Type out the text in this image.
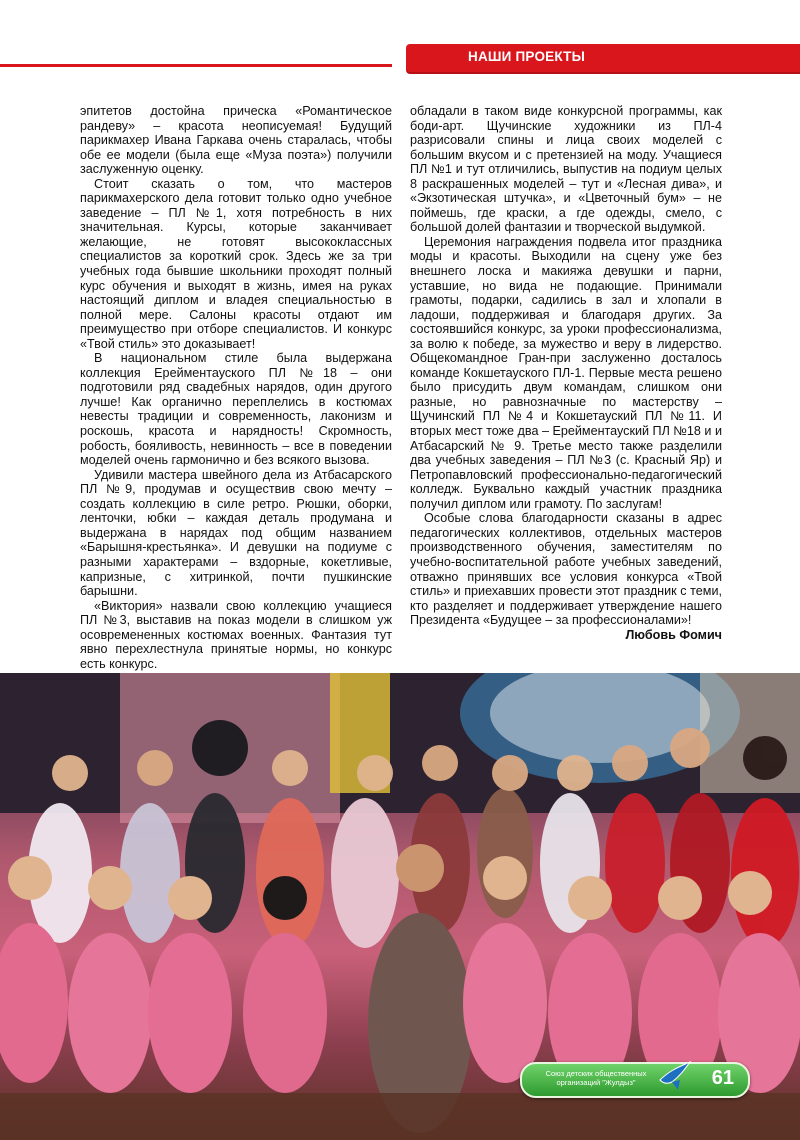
НАШИ ПРОЕКТЫ

эпитетов достойна прическа «Романтическое рандеву» – красота неописуемая! Будущий парикмахер Ивана Гаркава очень старалась, чтобы обе ее модели (была еще «Муза поэта») получили заслуженную оценку.

Стоит сказать о том, что мастеров парикмахерского дела готовит только одно учебное заведение – ПЛ №1, хотя потребность в них значительная. Курсы, которые заканчивает желающие, не готовят высококлассных специалистов за короткий срок. Здесь же за три учебных года бывшие школьники проходят полный курс обучения и выходят в жизнь, имея на руках настоящий диплом и владея специальностью в полной мере. Салоны красоты отдают им преимущество при отборе специалистов. И конкурс «Твой стиль» это доказывает!

В национальном стиле была выдержана коллекция Ерейментауского ПЛ №18 – они подготовили ряд свадебных нарядов, один другого лучше! Как органично переплелись в костюмах невесты традиции и современность, лаконизм и роскошь, красота и нарядность! Скромность, робость, бояливость, невинность – все в поведении моделей очень гармонично и без всякого вызова.

Удивили мастера швейного дела из Атбасарского ПЛ №9, продумав и осуществив свою мечту – создать коллекцию в силе ретро. Рюшки, оборки, ленточки, юбки – каждая деталь продумана и выдержана в нарядах под общим названием «Барышня-крестьянка». И девушки на подиуме с разными характерами – вздорные, кокетливые, капризные, с хитринкой, почти пушкинские барышни.

«Виктория» назвали свою коллекцию учащиеся ПЛ №3, выставив на показ модели в слишком уж осовремененных костюмах военных. Фантазия тут явно перехлестнула принятые нормы, но конкурс есть конкурс.

обладали в таком виде конкурсной программы, как боди-арт. Щучинские художники из ПЛ-4 разрисовали спины и лица своих моделей с большим вкусом и с претензией на моду. Учащиеся ПЛ №1 и тут отличились, выпустив на подиум целых 8 раскрашенных моделей – тут и «Лесная дива», и «Экзотическая штучка», и «Цветочный бум» – не поймешь, где краски, а где одежды, смело, с большой долей фантазии и творческой выдумкой.

Церемония награждения подвела итог праздника моды и красоты. Выходили на сцену уже без внешнего лоска и макияжа девушки и парни, уставшие, но вида не подающие. Принимали грамоты, подарки, садились в зал и хлопали в ладоши, поддерживая и благодаря других. За состоявшийся конкурс, за уроки профессионализма, за волю к победе, за мужество и веру в лидерство. Общекомандное Гран-при заслуженно досталось команде Кокшетауского ПЛ-1. Первые места решено было присудить двум командам, слишком они разные, но равнозначные по мастерству – Щучинский ПЛ №4 и Кокшетауский ПЛ №11. И вторых мест тоже два – Ерейментауский ПЛ №18 и и Атбасарский № 9. Третье место также разделили два учебных заведения – ПЛ №3 (с. Красный Яр) и Петропавловский профессионально-педагогический колледж. Буквально каждый участник праздника получил диплом или грамоту. По заслугам!

Особые слова благодарности сказаны в адрес педагогических коллективов, отдельных мастеров производственного обучения, заместителям по учебно-воспитательной работе учебных заведений, отважно принявших все условия конкурса «Твой стиль» и приехавших провести этот праздник с теми, кто разделяет и поддерживает утверждение нашего Президента «Будущее – за профессионалами»!

Любовь Фомич

Союз детских общественных организаций "Жулдыз"	61
